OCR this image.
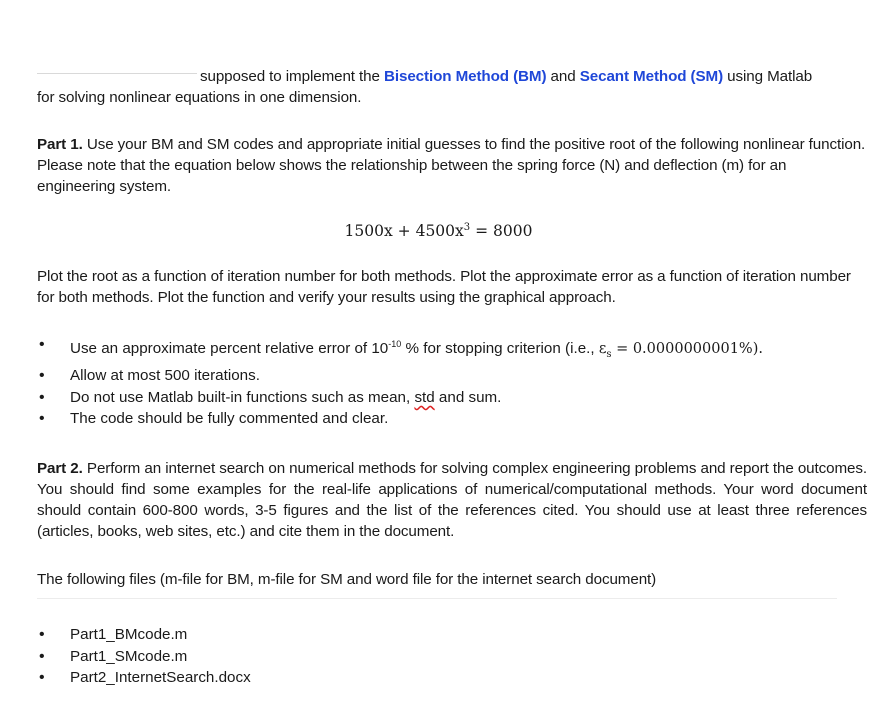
supposed to implement the Bisection Method (BM) and Secant Method (SM) using Matlab
for solving nonlinear equations in one dimension.
Part 1. Use your BM and SM codes and appropriate initial guesses to find the positive root of the following nonlinear function. Please note that the equation below shows the relationship between the spring force (N) and deflection (m) for an engineering system.
$1500x + 4500x^3 = 8000$
Plot the root as a function of iteration number for both methods. Plot the approximate error as a function of iteration number for both methods. Plot the function and verify your results using the graphical approach.
• Use an approximate percent relative error of $10^{-10}$ % for stopping criterion (i.e., $\varepsilon_s = 0.0000000001\%$).
• Allow at most 500 iterations.
• Do not use Matlab built-in functions such as mean, std and sum.
• The code should be fully commented and clear.
Part 2. Perform an internet search on numerical methods for solving complex engineering problems and report the outcomes. You should find some examples for the real-life applications of numerical/computational methods. Your word document should contain 600-800 words, 3-5 figures and the list of the references cited. You should use at least three references (articles, books, web sites, etc.) and cite them in the document.
The following files (m-file for BM, m-file for SM and word file for the internet search document)
• Part1_BMcode.m
• Part1_SMcode.m
• Part2_InternetSearch.docx
